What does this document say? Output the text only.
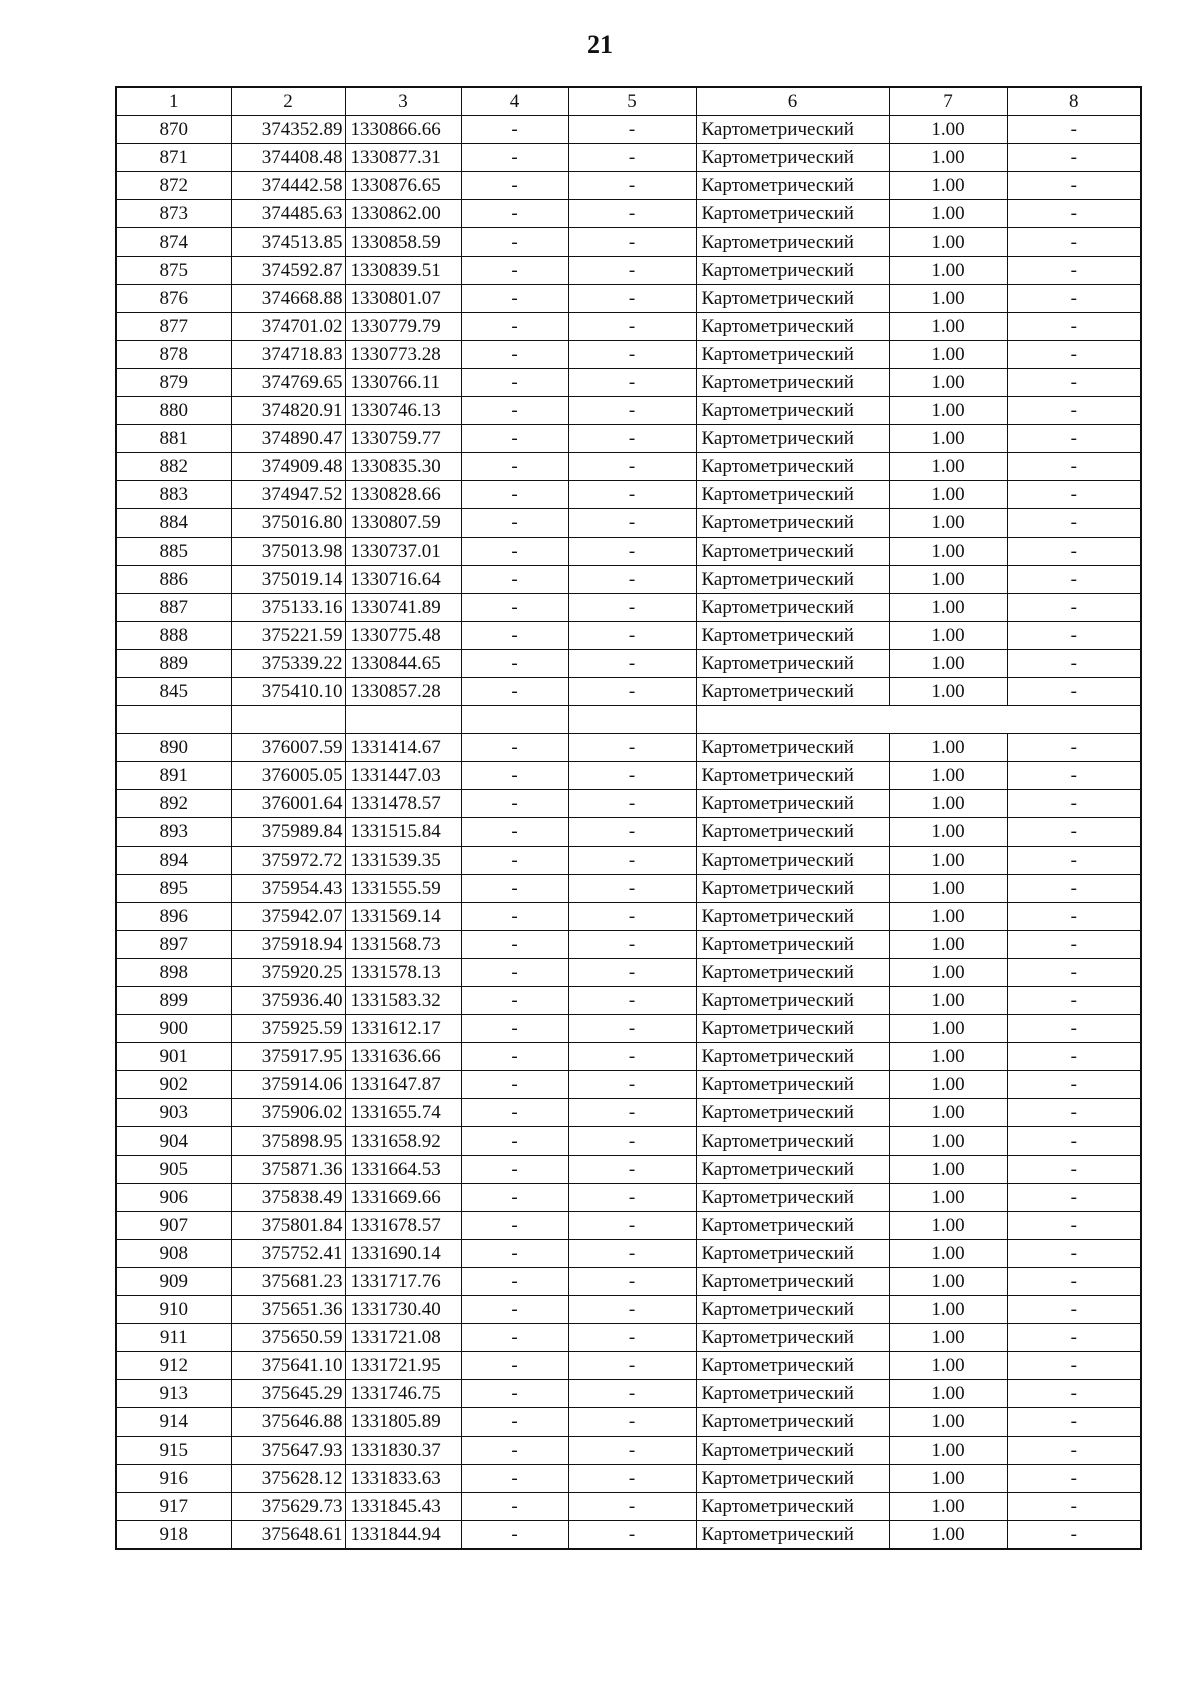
21
1	2	3	4	5	6	7	8
870	374352.89	1330866.66	-	-	Картометрический	1.00	-
871	374408.48	1330877.31	-	-	Картометрический	1.00	-
872	374442.58	1330876.65	-	-	Картометрический	1.00	-
873	374485.63	1330862.00	-	-	Картометрический	1.00	-
874	374513.85	1330858.59	-	-	Картометрический	1.00	-
875	374592.87	1330839.51	-	-	Картометрический	1.00	-
876	374668.88	1330801.07	-	-	Картометрический	1.00	-
877	374701.02	1330779.79	-	-	Картометрический	1.00	-
878	374718.83	1330773.28	-	-	Картометрический	1.00	-
879	374769.65	1330766.11	-	-	Картометрический	1.00	-
880	374820.91	1330746.13	-	-	Картометрический	1.00	-
881	374890.47	1330759.77	-	-	Картометрический	1.00	-
882	374909.48	1330835.30	-	-	Картометрический	1.00	-
883	374947.52	1330828.66	-	-	Картометрический	1.00	-
884	375016.80	1330807.59	-	-	Картометрический	1.00	-
885	375013.98	1330737.01	-	-	Картометрический	1.00	-
886	375019.14	1330716.64	-	-	Картометрический	1.00	-
887	375133.16	1330741.89	-	-	Картометрический	1.00	-
888	375221.59	1330775.48	-	-	Картометрический	1.00	-
889	375339.22	1330844.65	-	-	Картометрический	1.00	-
845	375410.10	1330857.28	-	-	Картометрический	1.00	-

890	376007.59	1331414.67	-	-	Картометрический	1.00	-
891	376005.05	1331447.03	-	-	Картометрический	1.00	-
892	376001.64	1331478.57	-	-	Картометрический	1.00	-
893	375989.84	1331515.84	-	-	Картометрический	1.00	-
894	375972.72	1331539.35	-	-	Картометрический	1.00	-
895	375954.43	1331555.59	-	-	Картометрический	1.00	-
896	375942.07	1331569.14	-	-	Картометрический	1.00	-
897	375918.94	1331568.73	-	-	Картометрический	1.00	-
898	375920.25	1331578.13	-	-	Картометрический	1.00	-
899	375936.40	1331583.32	-	-	Картометрический	1.00	-
900	375925.59	1331612.17	-	-	Картометрический	1.00	-
901	375917.95	1331636.66	-	-	Картометрический	1.00	-
902	375914.06	1331647.87	-	-	Картометрический	1.00	-
903	375906.02	1331655.74	-	-	Картометрический	1.00	-
904	375898.95	1331658.92	-	-	Картометрический	1.00	-
905	375871.36	1331664.53	-	-	Картометрический	1.00	-
906	375838.49	1331669.66	-	-	Картометрический	1.00	-
907	375801.84	1331678.57	-	-	Картометрический	1.00	-
908	375752.41	1331690.14	-	-	Картометрический	1.00	-
909	375681.23	1331717.76	-	-	Картометрический	1.00	-
910	375651.36	1331730.40	-	-	Картометрический	1.00	-
911	375650.59	1331721.08	-	-	Картометрический	1.00	-
912	375641.10	1331721.95	-	-	Картометрический	1.00	-
913	375645.29	1331746.75	-	-	Картометрический	1.00	-
914	375646.88	1331805.89	-	-	Картометрический	1.00	-
915	375647.93	1331830.37	-	-	Картометрический	1.00	-
916	375628.12	1331833.63	-	-	Картометрический	1.00	-
917	375629.73	1331845.43	-	-	Картометрический	1.00	-
918	375648.61	1331844.94	-	-	Картометрический	1.00	-
